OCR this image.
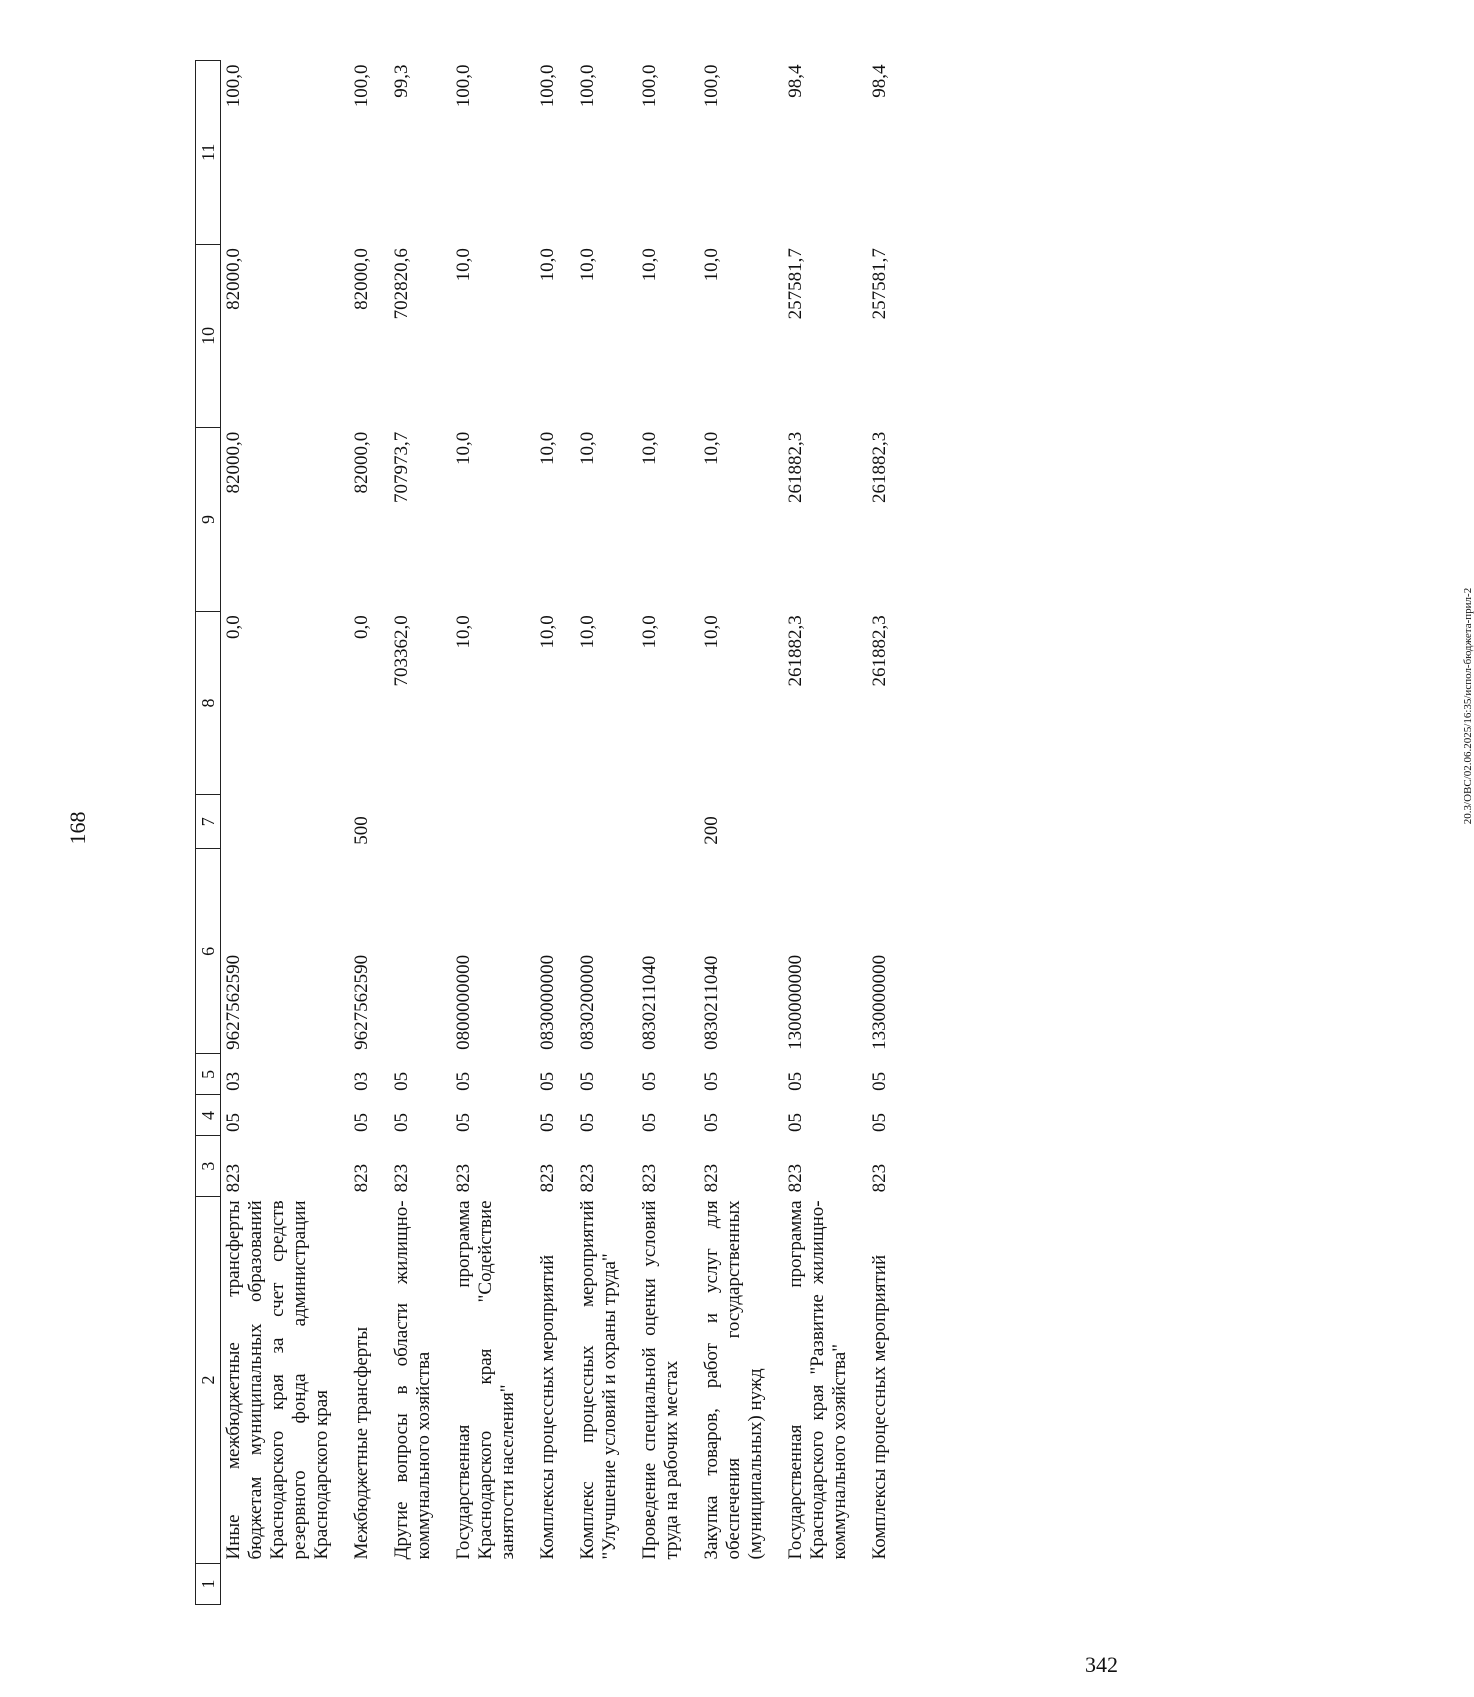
168
20.3/ОВС/02.06.2025/16:35/испол-бюджета-прил-2
342
1	2	3	4	5	6	7	8	9	10	11
	Иные межбюджетные трансферты бюджетам муниципальных образований Краснодарского края за счет средств резервного фонда администрации Краснодарского края	823	05	03	9627562590		0,0	82000,0	82000,0	100,0
	Межбюджетные трансферты	823	05	03	9627562590	500	0,0	82000,0	82000,0	100,0
	Другие вопросы в области жилищно-коммунального хозяйства	823	05	05			703362,0	707973,7	702820,6	99,3
	Государственная программа Краснодарского края "Содействие занятости населения"	823	05	05	0800000000		10,0	10,0	10,0	100,0
	Комплексы процессных мероприятий	823	05	05	0830000000		10,0	10,0	10,0	100,0
	Комплекс процессных мероприятий "Улучшение условий и охраны труда"	823	05	05	0830200000		10,0	10,0	10,0	100,0
	Проведение специальной оценки условий труда на рабочих местах	823	05	05	0830211040		10,0	10,0	10,0	100,0
	Закупка товаров, работ и услуг для обеспечения государственных (муниципальных) нужд	823	05	05	0830211040	200	10,0	10,0	10,0	100,0
	Государственная программа Краснодарского края "Развитие жилищно-коммунального хозяйства"	823	05	05	1300000000		261882,3	261882,3	257581,7	98,4
	Комплексы процессных мероприятий	823	05	05	1330000000		261882,3	261882,3	257581,7	98,4
